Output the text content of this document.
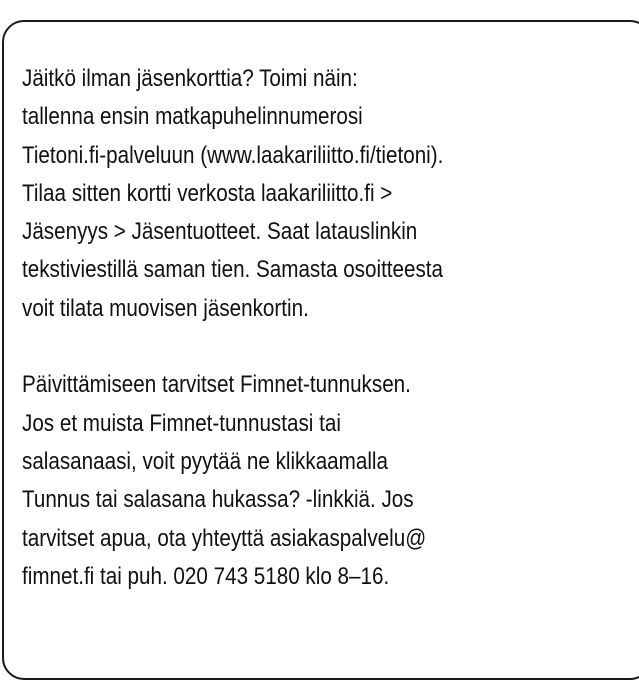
Jäitkö ilman jäsenkorttia? Toimi näin:
tallenna ensin matkapuhelinnumerosi
Tietoni.fi-palveluun (www.laakariliitto.fi/tietoni).
Tilaa sitten kortti verkosta laakariliitto.fi >
Jäsenyys > Jäsentuotteet. Saat latauslinkin
tekstiviestillä saman tien. Samasta osoitteesta
voit tilata muovisen jäsenkortin.
Päivittämiseen tarvitset Fimnet-tunnuksen.
Jos et muista Fimnet-tunnustasi tai
salasanaasi, voit pyytää ne klikkaamalla
Tunnus tai salasana hukassa? -linkkiä. Jos
tarvitset apua, ota yhteyttä asiakaspalvelu@
fimnet.fi tai puh. 020 743 5180 klo 8–16.
